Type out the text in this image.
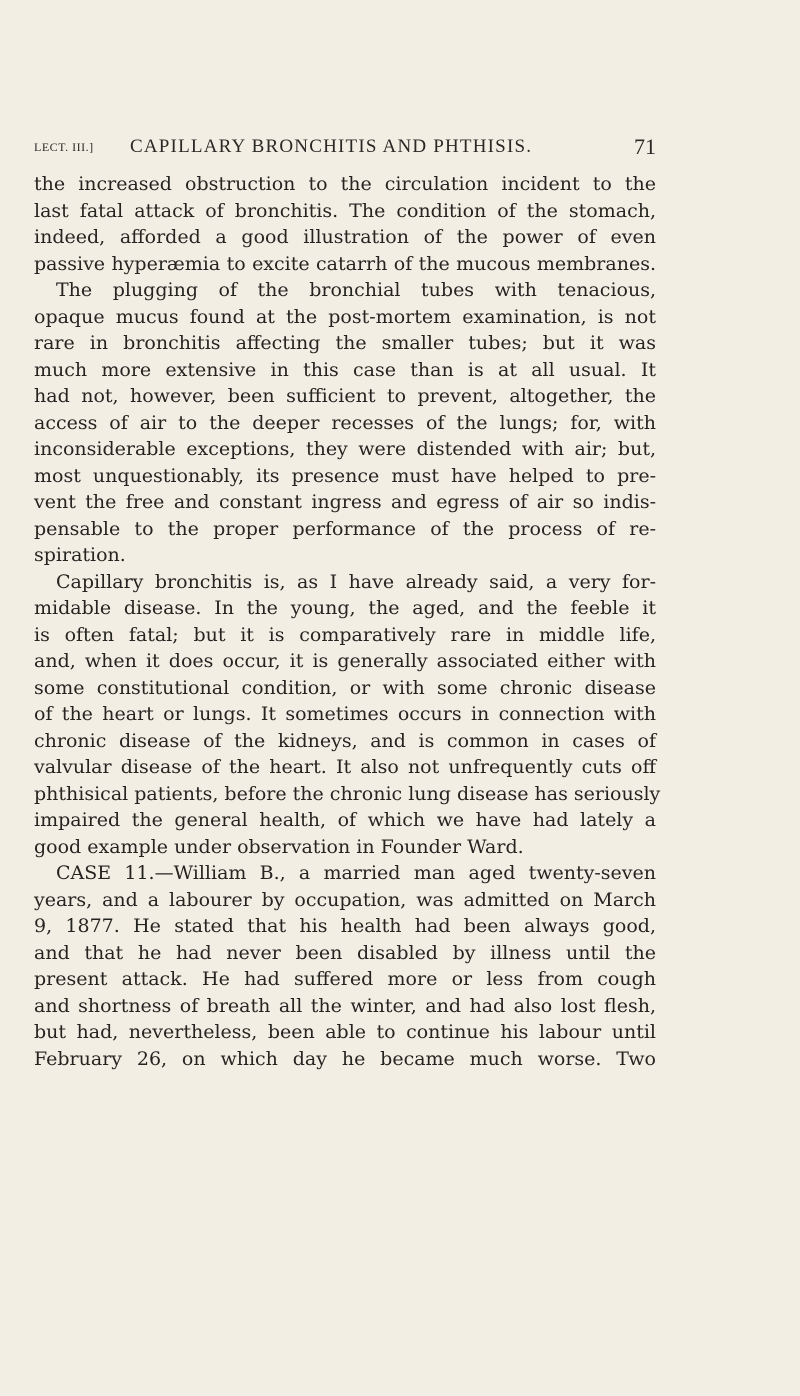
LECT. III.] CAPILLARY BRONCHITIS AND PHTHISIS.	71
the increased obstruction to the circulation incident to the
last fatal attack of bronchitis. The condition of the stomach,
indeed, afforded a good illustration of the power of even
passive hyperæmia to excite catarrh of the mucous membranes.
The plugging of the bronchial tubes with tenacious,
opaque mucus found at the post-mortem examination, is not
rare in bronchitis affecting the smaller tubes; but it was
much more extensive in this case than is at all usual. It
had not, however, been sufficient to prevent, altogether, the
access of air to the deeper recesses of the lungs; for, with
inconsiderable exceptions, they were distended with air; but,
most unquestionably, its presence must have helped to pre-
vent the free and constant ingress and egress of air so indis-
pensable to the proper performance of the process of re-
spiration.
Capillary bronchitis is, as I have already said, a very for-
midable disease. In the young, the aged, and the feeble it
is often fatal; but it is comparatively rare in middle life,
and, when it does occur, it is generally associated either with
some constitutional condition, or with some chronic disease
of the heart or lungs. It sometimes occurs in connection with
chronic disease of the kidneys, and is common in cases of
valvular disease of the heart. It also not unfrequently cuts off
phthisical patients, before the chronic lung disease has seriously
impaired the general health, of which we have had lately a
good example under observation in Founder Ward.
CASE 11.—William B., a married man aged twenty-seven
years, and a labourer by occupation, was admitted on March
9, 1877. He stated that his health had been always good,
and that he had never been disabled by illness until the
present attack. He had suffered more or less from cough
and shortness of breath all the winter, and had also lost flesh,
but had, nevertheless, been able to continue his labour until
February 26, on which day he became much worse. Two
